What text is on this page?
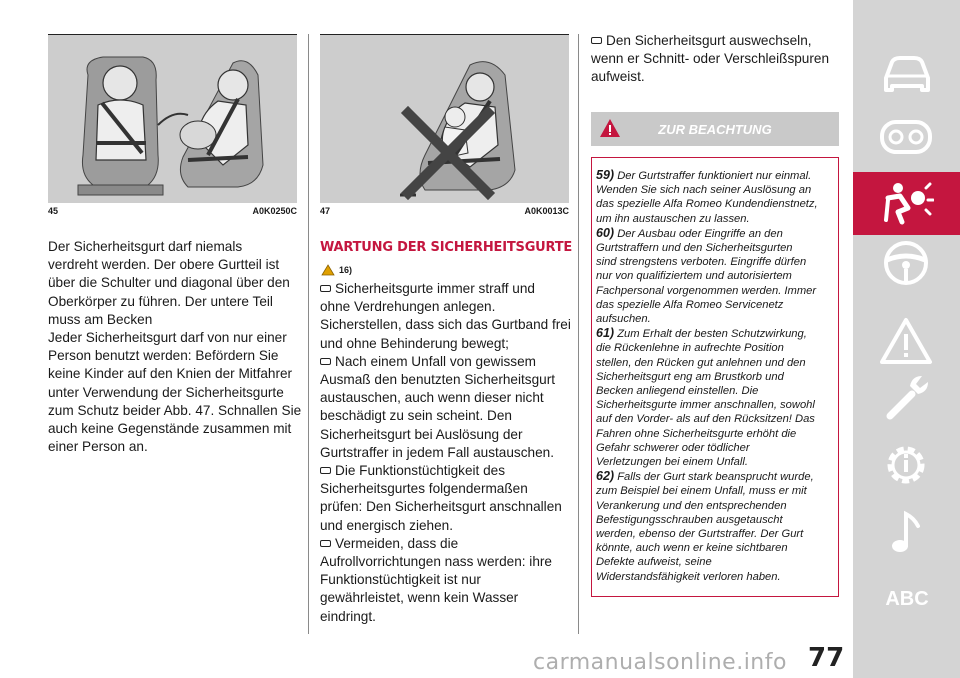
45	A0K0250C	47	A0K0013C

Der Sicherheitsgurt darf niemals

verdreht werden. Der obere Gurtteil ist

über die Schulter und diagonal über den

Oberkörper zu führen. Der untere Teil

muss am Becken

Jeder Sicherheitsgurt darf von nur einer

Person benutzt werden: Befördern Sie

keine Kinder auf den Knien der Mitfahrer

unter Verwendung der Sicherheitsgurte

zum Schutz beider Abb. 47. Schnallen Sie

auch keine Gegenstände zusammen mit

einer Person an.

WARTUNG DER SICHERHEITSGURTE
16)

Sicherheitsgurte immer straff und

ohne Verdrehungen anlegen.

Sicherstellen, dass sich das Gurtband frei

und ohne Behinderung bewegt;

Nach einem Unfall von gewissem

Ausmaß den benutzten Sicherheitsgurt

austauschen, auch wenn dieser nicht

beschädigt zu sein scheint. Den

Sicherheitsgurt bei Auslösung der

Gurtstraffer in jedem Fall austauschen.

Die Funktionstüchtigkeit des

Sicherheitsgurtes folgendermaßen

prüfen: Den Sicherheitsgurt anschnallen

und energisch ziehen.

Vermeiden, dass die

Aufrollvorrichtungen nass werden: ihre

Funktionstüchtigkeit ist nur

gewährleistet, wenn kein Wasser

eindringt.

Den Sicherheitsgurt auswechseln,

wenn er Schnitt- oder Verschleißspuren

aufweist.

ZUR BEACHTUNG
59) Der Gurtstraffer funktioniert nur einmal.
Wenden Sie sich nach seiner Auslösung an
das spezielle Alfa Romeo Kundendienstnetz,
um ihn austauschen zu lassen.
60) Der Ausbau oder Eingriffe an den
Gurtstraffern und den Sicherheitsgurten
sind strengstens verboten. Eingriffe dürfen
nur von qualifiziertem und autorisiertem
Fachpersonal vorgenommen werden. Immer
das spezielle Alfa Romeo Servicenetz
aufsuchen.
61) Zum Erhalt der besten Schutzwirkung,
die Rückenlehne in aufrechte Position
stellen, den Rücken gut anlehnen und den
Sicherheitsgurt eng am Brustkorb und
Becken anliegend einstellen. Die
Sicherheitsgurte immer anschnallen, sowohl
auf den Vorder- als auf den Rücksitzen! Das
Fahren ohne Sicherheitsgurte erhöht die
Gefahr schwerer oder tödlicher
Verletzungen bei einem Unfall.
62) Falls der Gurt stark beansprucht wurde,
zum Beispiel bei einem Unfall, muss er mit
Verankerung und den entsprechenden
Befestigungsschrauben ausgetauscht
werden, ebenso der Gurtstraffer. Der Gurt
könnte, auch wenn er keine sichtbaren
Defekte aufweist, seine
Widerstandsfähigkeit verloren haben.
ABC
77
carmanualsonline.info
